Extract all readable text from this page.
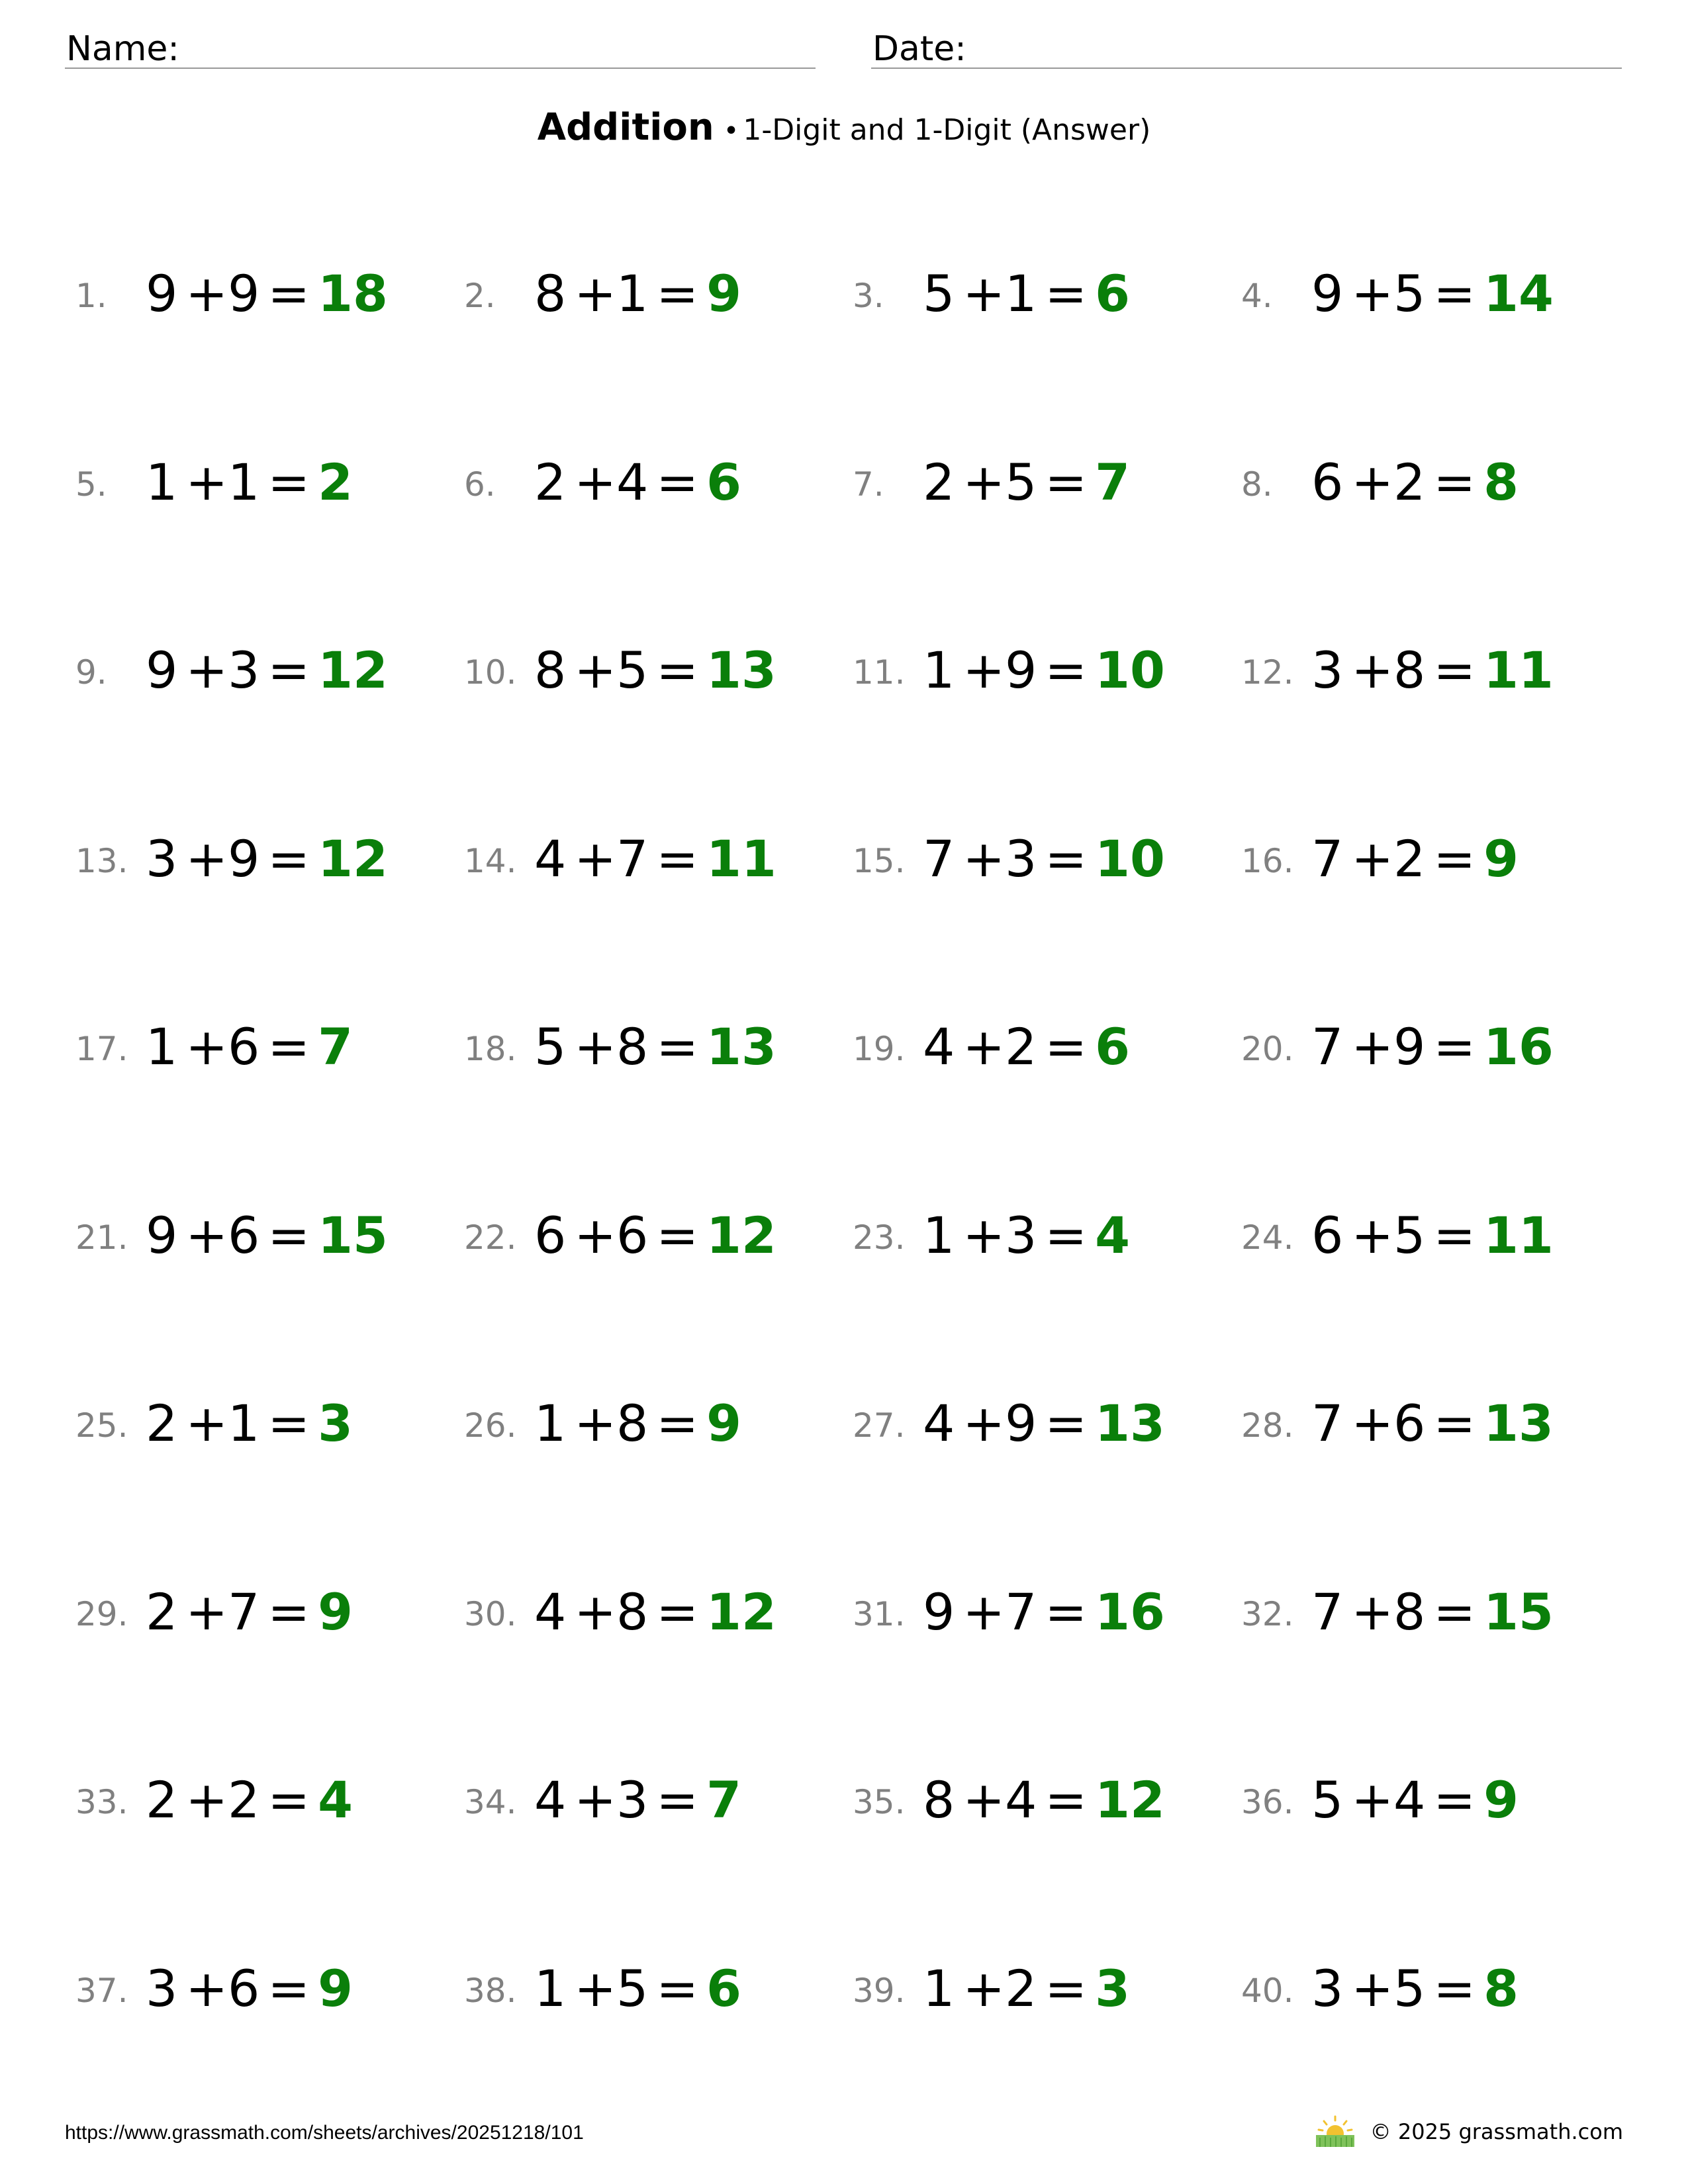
Name:	Date:
Addition • 1-Digit and 1-Digit (Answer)
1. 9 +9 = 18 2. 8 +1 = 9	3. 5 +1 = 6	4. 9 +5 = 14
5. 1 +1 = 2	6. 2 +4 = 6	7. 2 +5 = 7	8. 6 +2 = 8
9. 9 +3 = 12 10. 8 +5 = 13 11. 1 +9 = 10 12. 3 +8 = 11
13. 3 +9 = 12 14. 4 +7 = 11 15. 7 +3 = 10 16. 7 +2 = 9
17. 1 +6 = 7	18. 5 +8 = 13 19. 4 +2 = 6	20. 7 +9 = 16
21. 9 +6 = 15 22. 6 +6 = 12 23. 1 +3 = 4	24. 6 +5 = 11
25. 2 +1 = 3	26. 1 +8 = 9	27. 4 +9 = 13 28. 7 +6 = 13
29. 2 +7 = 9	30. 4 +8 = 12 31. 9 +7 = 16 32. 7 +8 = 15
33. 2 +2 = 4	34. 4 +3 = 7	35. 8 +4 = 12 36. 5 +4 = 9
37. 3 +6 = 9	38. 1 +5 = 6	39. 1 +2 = 3	40. 3 +5 = 8
https://www.grassmath.com/sheets/archives/20251218/101	© 2025 grassmath.com
